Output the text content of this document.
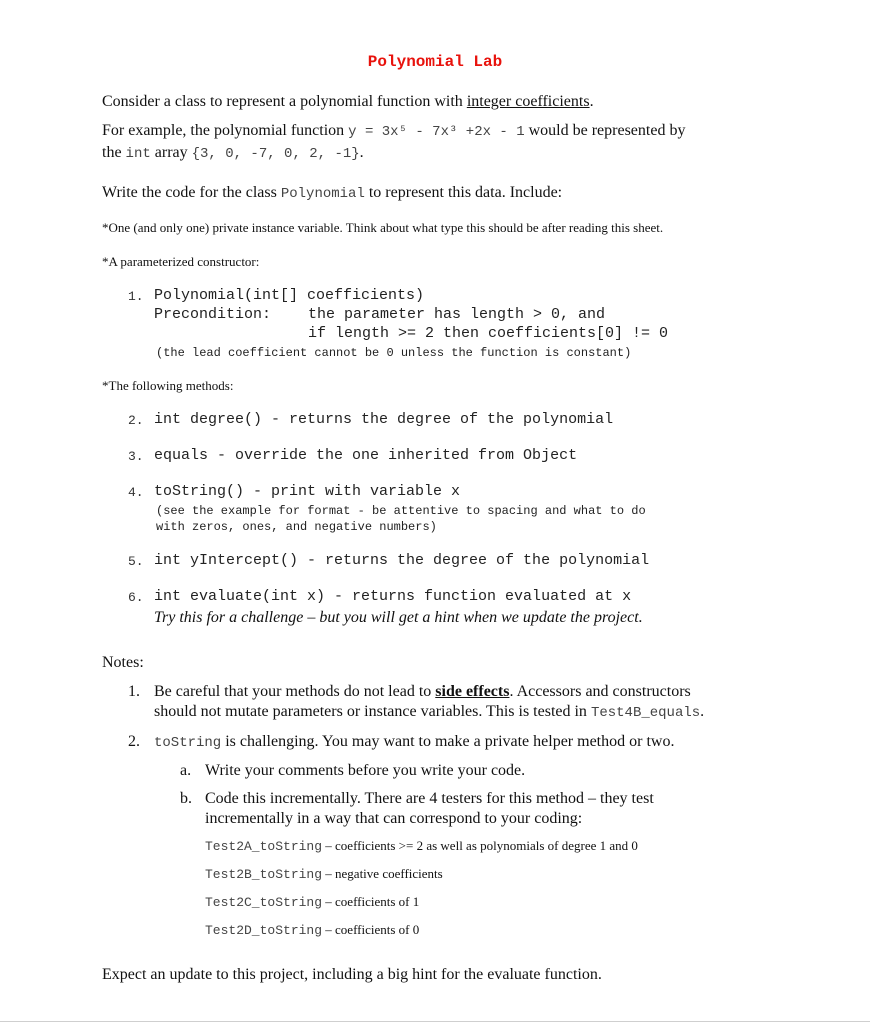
Polynomial Lab
Consider a class to represent a polynomial function with integer coefficients.
For example, the polynomial function y = 3x⁵ - 7x³ +2x - 1 would be represented by
the int array {3, 0, -7, 0, 2, -1}.
Write the code for the class Polynomial to represent this data. Include:
*One (and only one) private instance variable. Think about what type this should be after reading this sheet.
*A parameterized constructor:
1. Polynomial(int[] coefficients)
Precondition: the parameter has length > 0, and
if length >= 2 then coefficients[0] != 0
(the lead coefficient cannot be 0 unless the function is constant)
*The following methods:
2. int degree() - returns the degree of the polynomial
3. equals - override the one inherited from Object
4. toString() - print with variable x
(see the example for format - be attentive to spacing and what to do
with zeros, ones, and negative numbers)
5. int yIntercept() - returns the degree of the polynomial
6. int evaluate(int x) - returns function evaluated at x
Try this for a challenge – but you will get a hint when we update the project.
Notes:
1. Be careful that your methods do not lead to side effects. Accessors and constructors
should not mutate parameters or instance variables. This is tested in Test4B_equals.
2. toString is challenging. You may want to make a private helper method or two.
a. Write your comments before you write your code.
b. Code this incrementally. There are 4 testers for this method – they test
incrementally in a way that can correspond to your coding:
Test2A_toString – coefficients >= 2 as well as polynomials of degree 1 and 0
Test2B_toString – negative coefficients
Test2C_toString – coefficients of 1
Test2D_toString – coefficients of 0
Expect an update to this project, including a big hint for the evaluate function.
